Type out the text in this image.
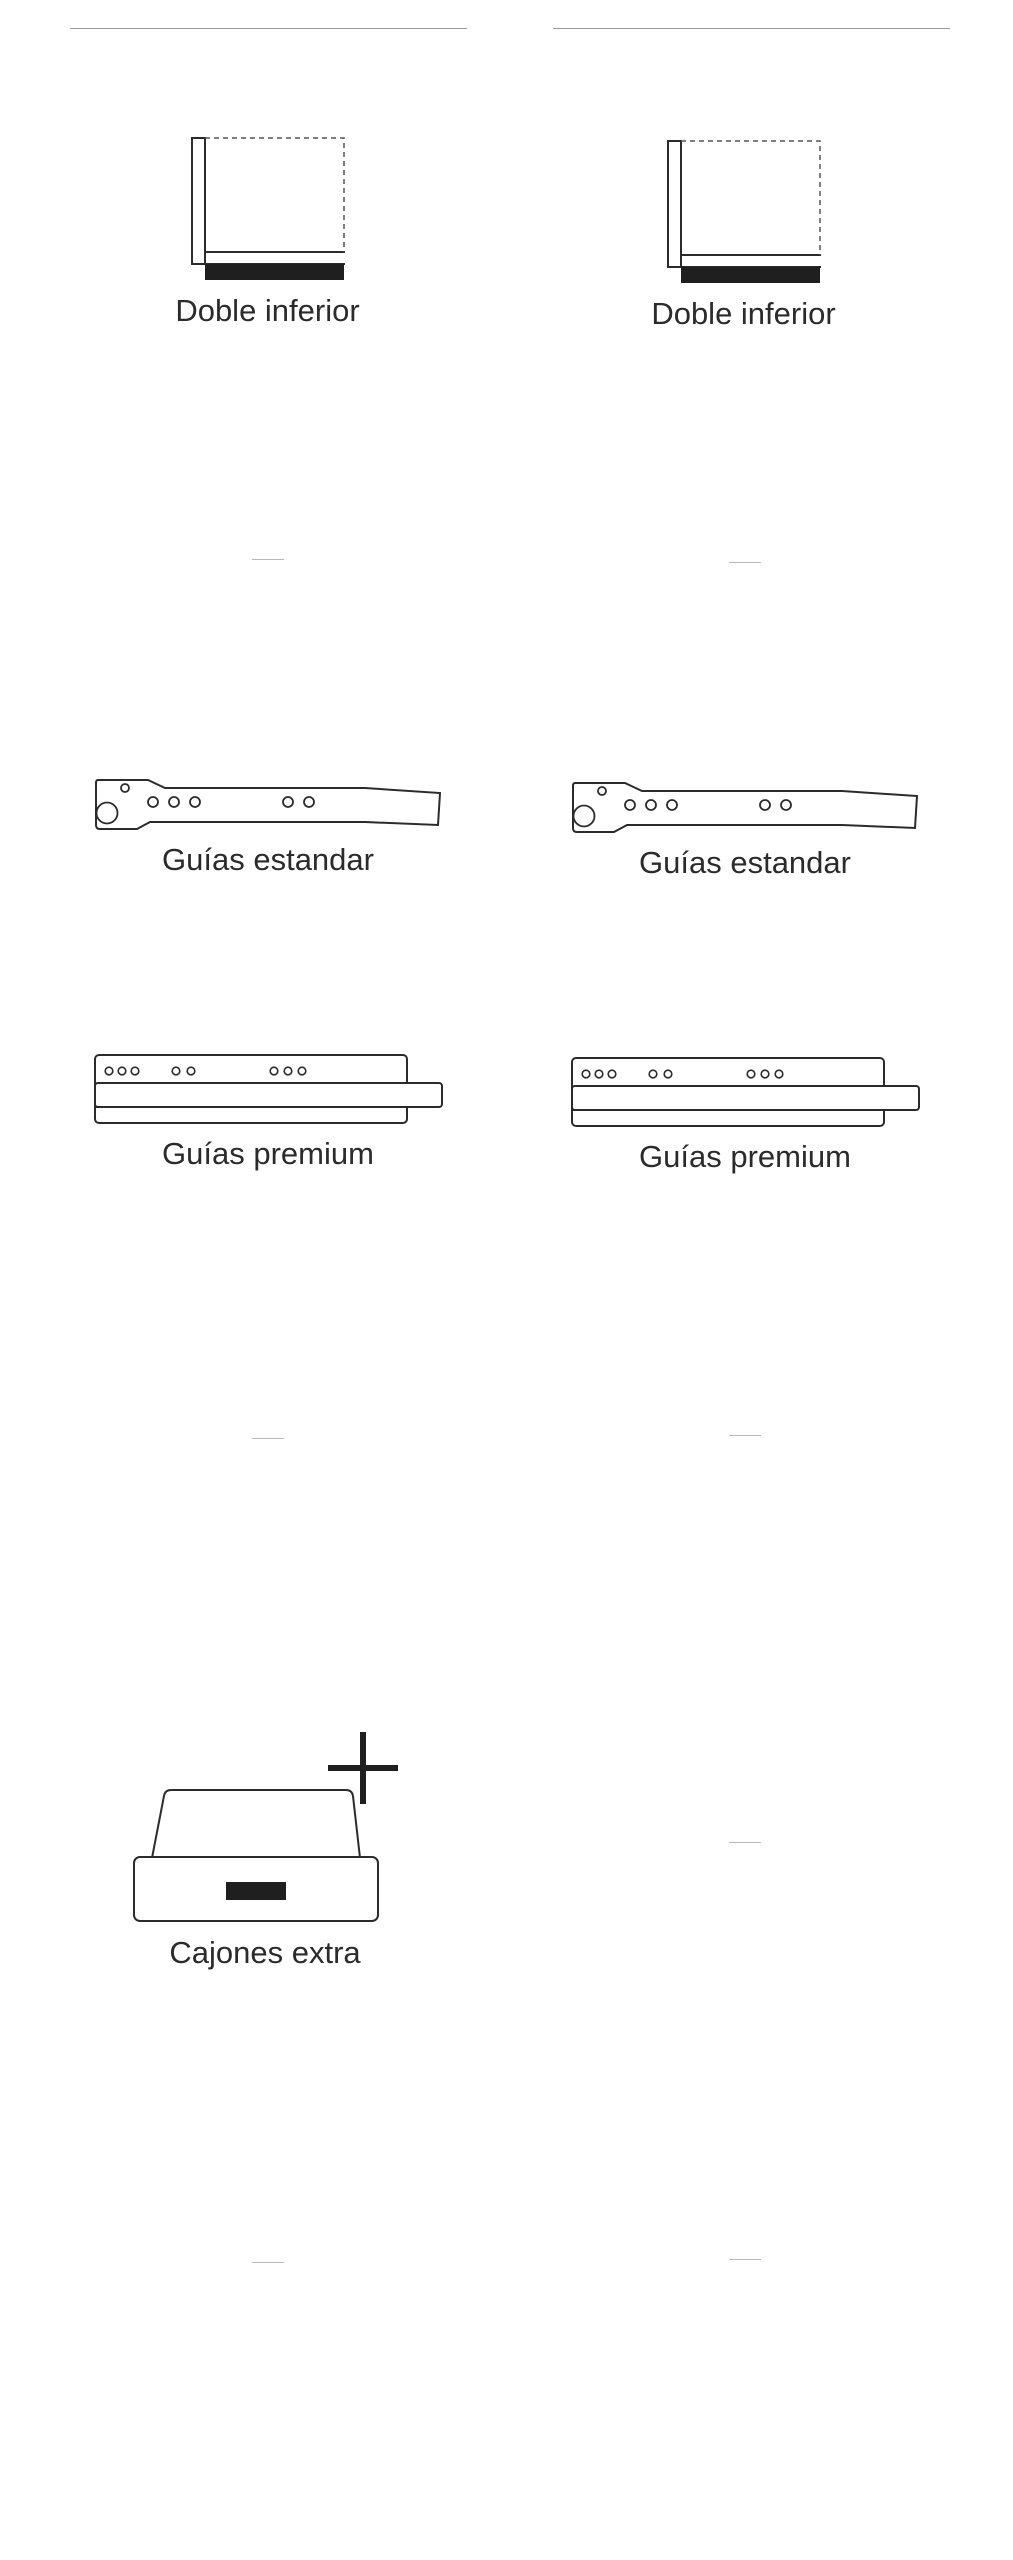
Doble inferior
Guías estandar
Guías premium
Cajones extra
Doble inferior
Guías estandar
Guías premium
